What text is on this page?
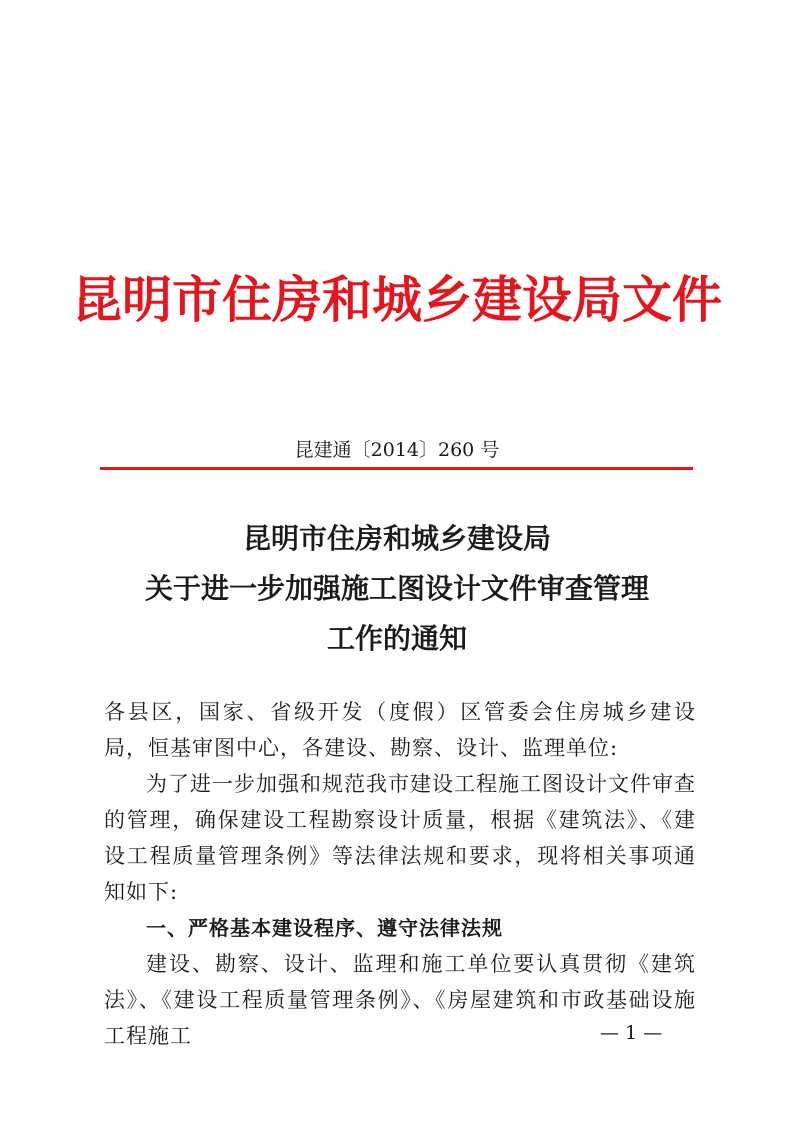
昆明市住房和城乡建设局文件
昆建通〔2014〕260 号
昆明市住房和城乡建设局
关于进一步加强施工图设计文件审查管理
工作的通知

各县区，国家、省级开发（度假）区管委会住房城乡建设局，恒基审图中心，各建设、勘察、设计、监理单位:

为了进一步加强和规范我市建设工程施工图设计文件审查的管理，确保建设工程勘察设计质量，根据《建筑法》、《建设工程质量管理条例》等法律法规和要求，现将相关事项通知如下:

一、严格基本建设程序、遵守法律法规

建设、勘察、设计、监理和施工单位要认真贯彻《建筑法》、《建设工程质量管理条例》、《房屋建筑和市政基础设施工程施工	— 1 —
